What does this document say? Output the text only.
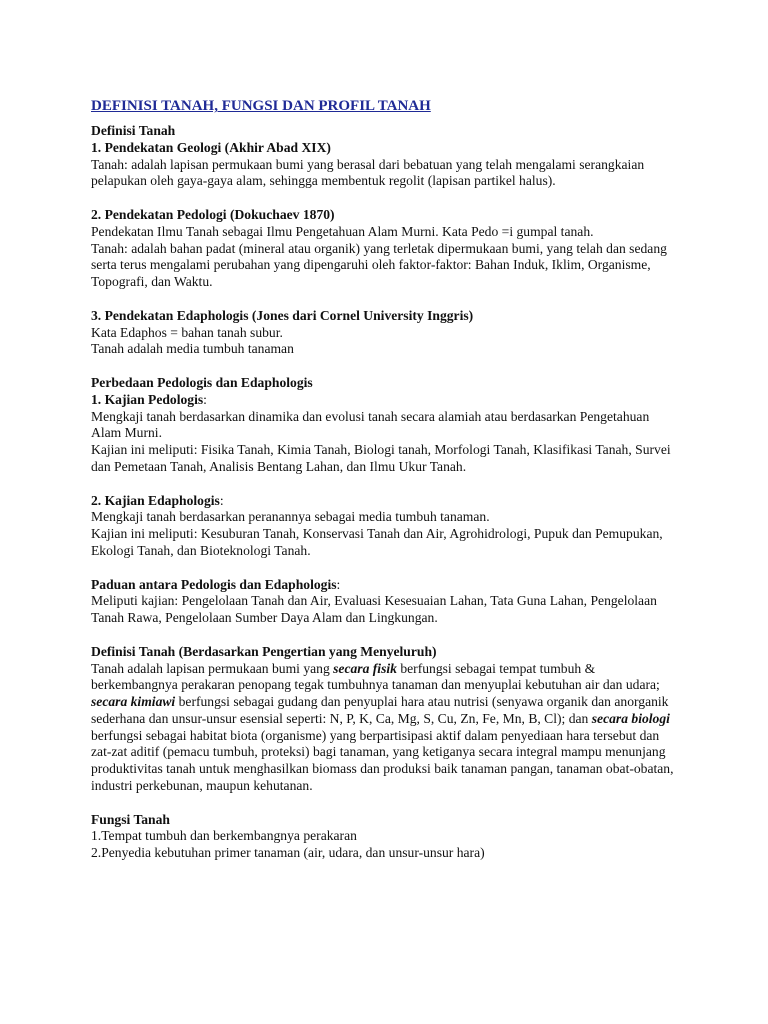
DEFINISI TANAH, FUNGSI DAN PROFIL TANAH
Definisi Tanah
1. Pendekatan Geologi (Akhir Abad XIX)
Tanah: adalah lapisan permukaan bumi yang berasal dari bebatuan yang telah mengalami serangkaian pelapukan oleh gaya-gaya alam, sehingga membentuk regolit (lapisan partikel halus).
2. Pendekatan Pedologi (Dokuchaev 1870)
Pendekatan Ilmu Tanah sebagai Ilmu Pengetahuan Alam Murni. Kata Pedo =i gumpal tanah.
Tanah: adalah bahan padat (mineral atau organik) yang terletak dipermukaan bumi, yang telah dan sedang serta terus mengalami perubahan yang dipengaruhi oleh faktor-faktor: Bahan Induk, Iklim, Organisme, Topografi, dan Waktu.
3. Pendekatan Edaphologis (Jones dari Cornel University Inggris)
Kata Edaphos = bahan tanah subur.
Tanah adalah media tumbuh tanaman
Perbedaan Pedologis dan Edaphologis
1. Kajian Pedologis:
Mengkaji tanah berdasarkan dinamika dan evolusi tanah secara alamiah atau berdasarkan Pengetahuan Alam Murni.
Kajian ini meliputi: Fisika Tanah, Kimia Tanah, Biologi tanah, Morfologi Tanah, Klasifikasi Tanah, Survei dan Pemetaan Tanah, Analisis Bentang Lahan, dan Ilmu Ukur Tanah.
2. Kajian Edaphologis:
Mengkaji tanah berdasarkan peranannya sebagai media tumbuh tanaman.
Kajian ini meliputi: Kesuburan Tanah, Konservasi Tanah dan Air, Agrohidrologi, Pupuk dan Pemupukan, Ekologi Tanah, dan Bioteknologi Tanah.
Paduan antara Pedologis dan Edaphologis:
Meliputi kajian: Pengelolaan Tanah dan Air, Evaluasi Kesesuaian Lahan, Tata Guna Lahan, Pengelolaan Tanah Rawa, Pengelolaan Sumber Daya Alam dan Lingkungan.
Definisi Tanah (Berdasarkan Pengertian yang Menyeluruh)
Tanah adalah lapisan permukaan bumi yang secara fisik berfungsi sebagai tempat tumbuh & berkembangnya perakaran penopang tegak tumbuhnya tanaman dan menyuplai kebutuhan air dan udara; secara kimiawi berfungsi sebagai gudang dan penyuplai hara atau nutrisi (senyawa organik dan anorganik sederhana dan unsur-unsur esensial seperti: N, P, K, Ca, Mg, S, Cu, Zn, Fe, Mn, B, Cl); dan secara biologi berfungsi sebagai habitat biota (organisme) yang berpartisipasi aktif dalam penyediaan hara tersebut dan zat-zat aditif (pemacu tumbuh, proteksi) bagi tanaman, yang ketiganya secara integral mampu menunjang produktivitas tanah untuk menghasilkan biomass dan produksi baik tanaman pangan, tanaman obat-obatan, industri perkebunan, maupun kehutanan.
Fungsi Tanah
1.Tempat tumbuh dan berkembangnya perakaran
2.Penyedia kebutuhan primer tanaman (air, udara, dan unsur-unsur hara)
